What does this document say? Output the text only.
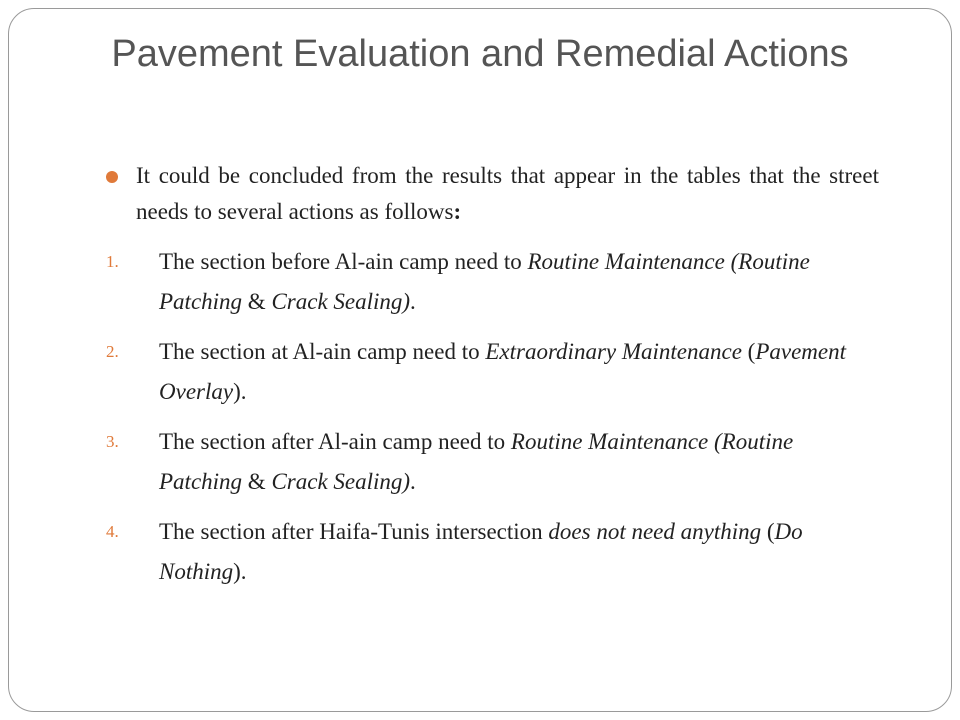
Pavement Evaluation and Remedial Actions
It could be concluded from the results that appear in the tables that the street needs to several actions as follows:
1. The section before Al-ain camp need to Routine Maintenance (Routine Patching & Crack Sealing).
2. The section at Al-ain camp need to Extraordinary Maintenance (Pavement Overlay).
3. The section after Al-ain camp need to Routine Maintenance (Routine Patching & Crack Sealing).
4. The section after Haifa-Tunis intersection does not need anything (Do Nothing).
